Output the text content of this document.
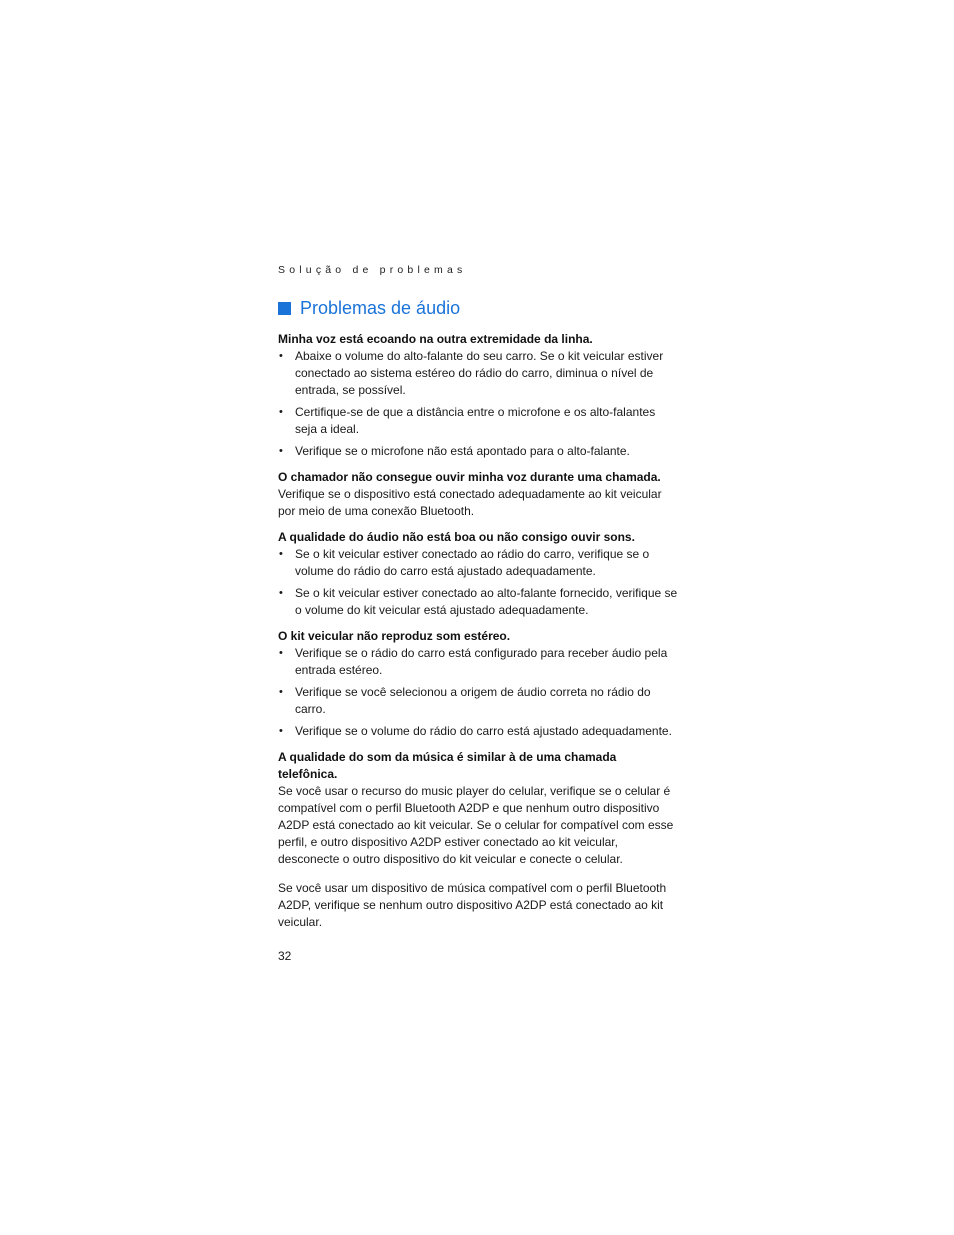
Solução de problemas
Problemas de áudio

Minha voz está ecoando na outra extremidade da linha.

• Abaixe o volume do alto-falante do seu carro. Se o kit veicular estiver conectado ao sistema estéreo do rádio do carro, diminua o nível de entrada, se possível.
• Certifique-se de que a distância entre o microfone e os alto-falantes seja a ideal.
• Verifique se o microfone não está apontado para o alto-falante.

O chamador não consegue ouvir minha voz durante uma chamada.

Verifique se o dispositivo está conectado adequadamente ao kit veicular por meio de uma conexão Bluetooth.

A qualidade do áudio não está boa ou não consigo ouvir sons.

• Se o kit veicular estiver conectado ao rádio do carro, verifique se o volume do rádio do carro está ajustado adequadamente.
• Se o kit veicular estiver conectado ao alto-falante fornecido, verifique se o volume do kit veicular está ajustado adequadamente.

O kit veicular não reproduz som estéreo.

• Verifique se o rádio do carro está configurado para receber áudio pela entrada estéreo.
• Verifique se você selecionou a origem de áudio correta no rádio do carro.
• Verifique se o volume do rádio do carro está ajustado adequadamente.

A qualidade do som da música é similar à de uma chamada telefônica.

Se você usar o recurso do music player do celular, verifique se o celular é compatível com o perfil Bluetooth A2DP e que nenhum outro dispositivo A2DP está conectado ao kit veicular. Se o celular for compatível com esse perfil, e outro dispositivo A2DP estiver conectado ao kit veicular, desconecte o outro dispositivo do kit veicular e conecte o celular.

Se você usar um dispositivo de música compatível com o perfil Bluetooth A2DP, verifique se nenhum outro dispositivo A2DP está conectado ao kit veicular.

32
